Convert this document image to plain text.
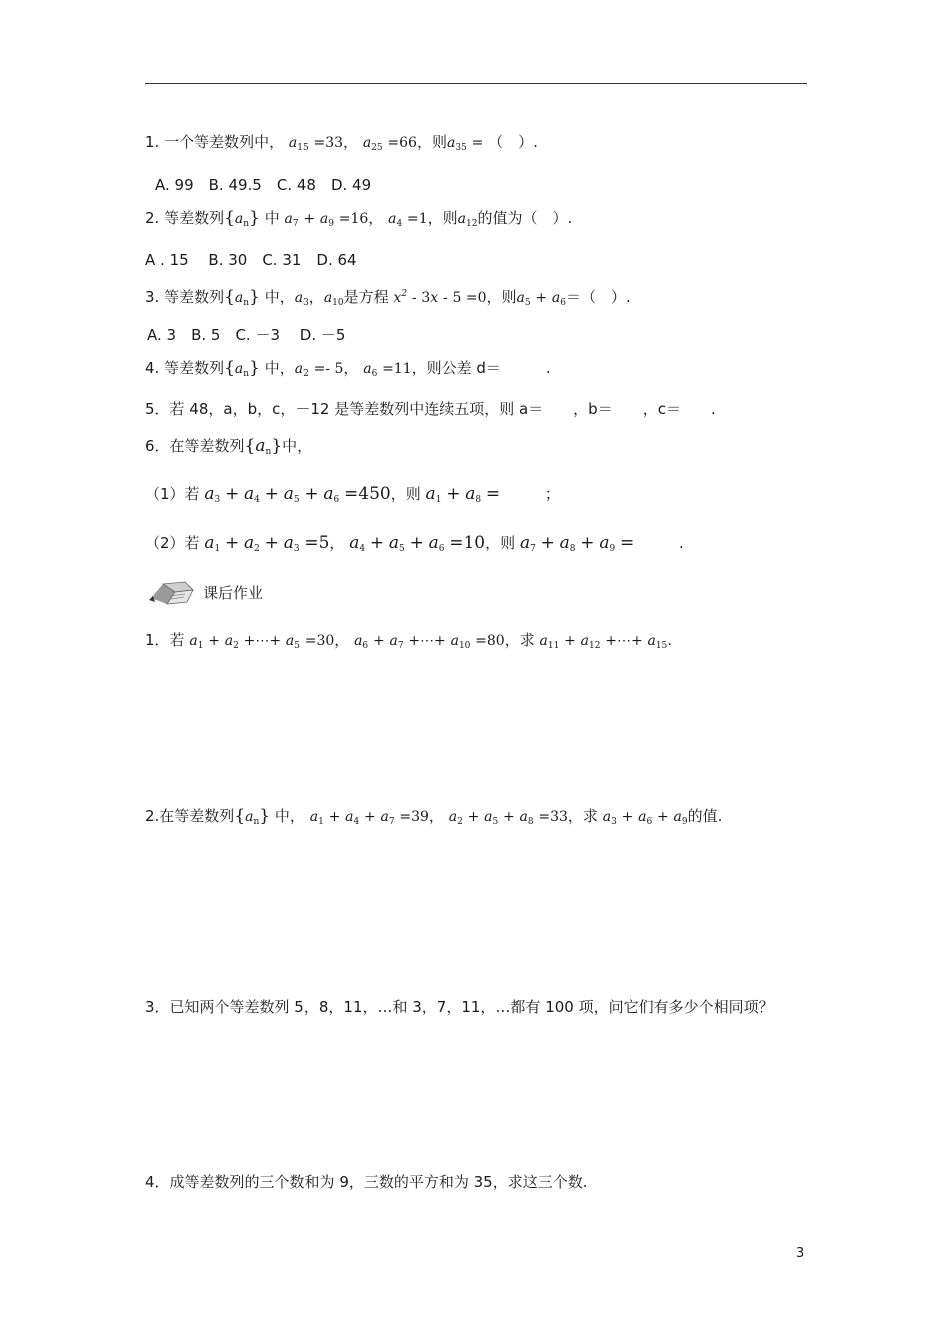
1. 一个等差数列中， $a_{15} =33$， $a_{25} =66$，则$a_{35}$ = （　）.
A. 99　B. 49.5　C. 48　D. 49
2. 等差数列$\{a_n\}$ 中 $a_7 + a_9 =16$， $a_4 =1$，则$a_{12}$的值为（　）.
A . 15　 B. 30　C. 31　D. 64
3. 等差数列$\{a_n\}$ 中，$a_3$，$a_{10}$是方程 $x^2 - 3x - 5 =0$，则$a_5 + a_6=$（　）.
A. 3　B. 5　C. －3　 D. －5
4. 等差数列$\{a_n\}$ 中，$a_2 =- 5$， $a_6 =11$，则公差 d＝　　　.
5．若 48，a，b，c，－12 是等差数列中连续五项，则 a＝　　，b＝　　，c＝　　.
6．在等差数列$\{a_n\}$中，
（1）若 $a_3 + a_4 + a_5 + a_6 =450$，则 $a_1 + a_8$ =	；
（2）若 $a_1 + a_2 + a_3 =5$， $a_4 + a_5 + a_6 =10$，则 $a_7 + a_8 + a_9$ =	.
课后作业
1．若 $a_1 + a_2$ +⋯+ $a_5 =30$， $a_6 + a_7$ +⋯+ $a_{10} =80$，求 $a_{11} + a_{12}$ +⋯+ $a_{15}$.
2.在等差数列$\{a_n\}$ 中， $a_1 + a_4 + a_7 =39$， $a_2 + a_5 + a_8 =33$，求 $a_3 + a_6 + a_9$的值.
3．已知两个等差数列 5，8，11，…和 3，7，11，…都有 100 项，问它们有多少个相同项？
4．成等差数列的三个数和为 9，三数的平方和为 35，求这三个数.
3
